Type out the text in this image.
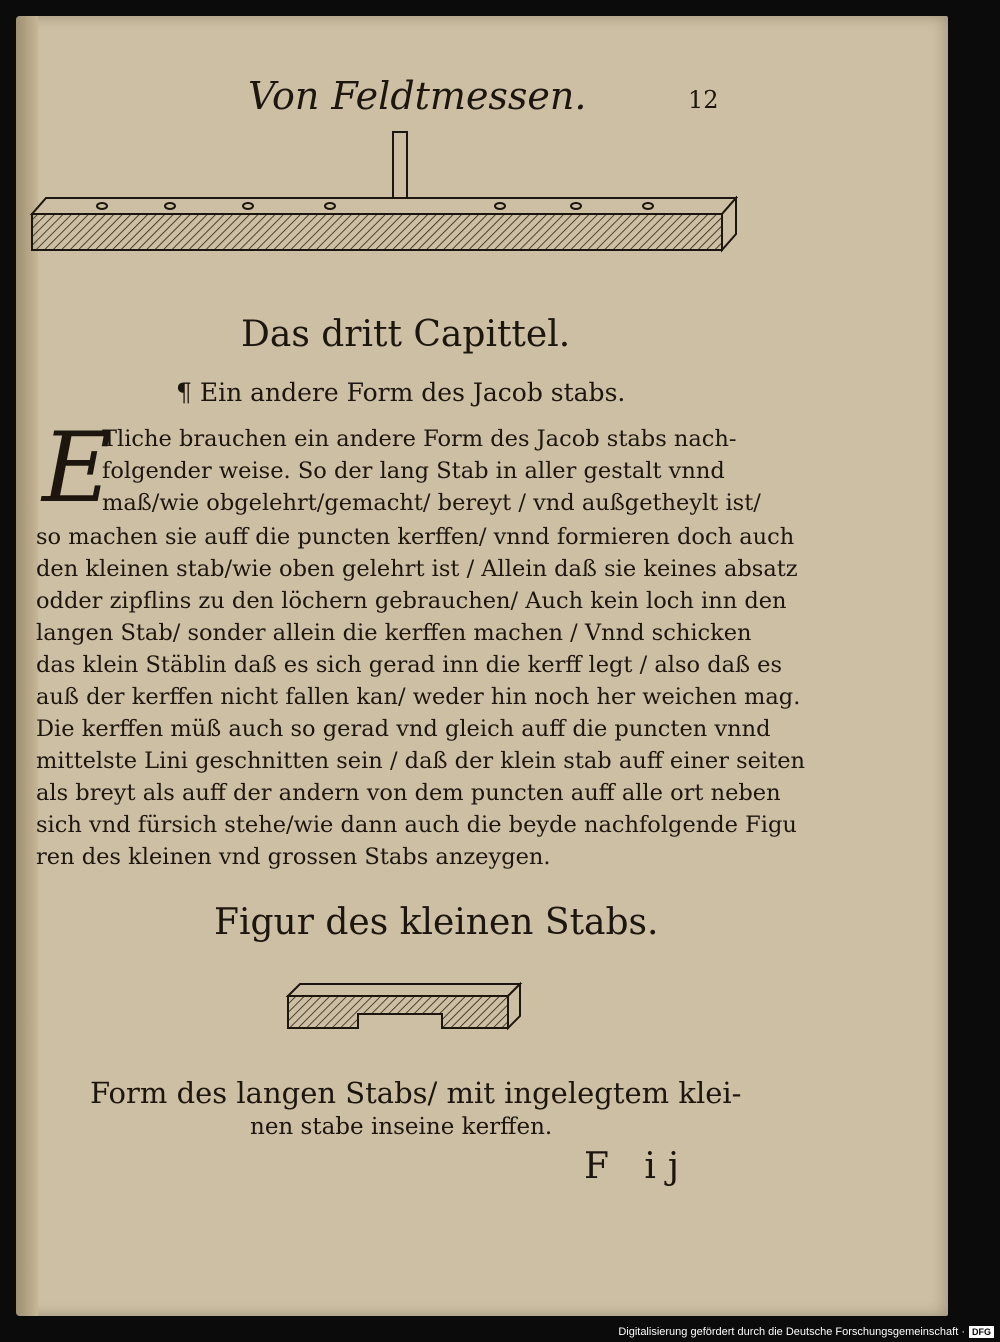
Von Feldtmessen.	12
Das dritt Capittel.
¶ Ein andere Form des Jacob stabs.
E
Tliche brauchen ein andere Form des Jacob stabs nach-
folgender weise. So der lang Stab in aller gestalt vnnd
maß/wie obgelehrt/gemacht/ bereyt / vnd außgetheylt ist/
so machen sie auff die puncten kerffen/ vnnd formieren doch auch
den kleinen stab/wie oben gelehrt ist / Allein daß sie keines absatz
odder zipflins zu den löchern gebrauchen/ Auch kein loch inn den
langen Stab/ sonder allein die kerffen machen / Vnnd schicken
das klein Stäblin daß es sich gerad inn die kerff legt / also daß es
auß der kerffen nicht fallen kan/ weder hin noch her weichen mag.
Die kerffen müß auch so gerad vnd gleich auff die puncten vnnd
mittelste Lini geschnitten sein / daß der klein stab auff einer seiten
als breyt als auff der andern von dem puncten auff alle ort neben
sich vnd fürsich stehe/wie dann auch die beyde nachfolgende Figu
ren des kleinen vnd grossen Stabs anzeygen.
Figur des kleinen Stabs.
Form des langen Stabs/ mit ingelegtem klei-
nen stabe inseine kerffen.
F ij
Digitalisierung gefördert durch die Deutsche Forschungsgemeinschaft · DFG
